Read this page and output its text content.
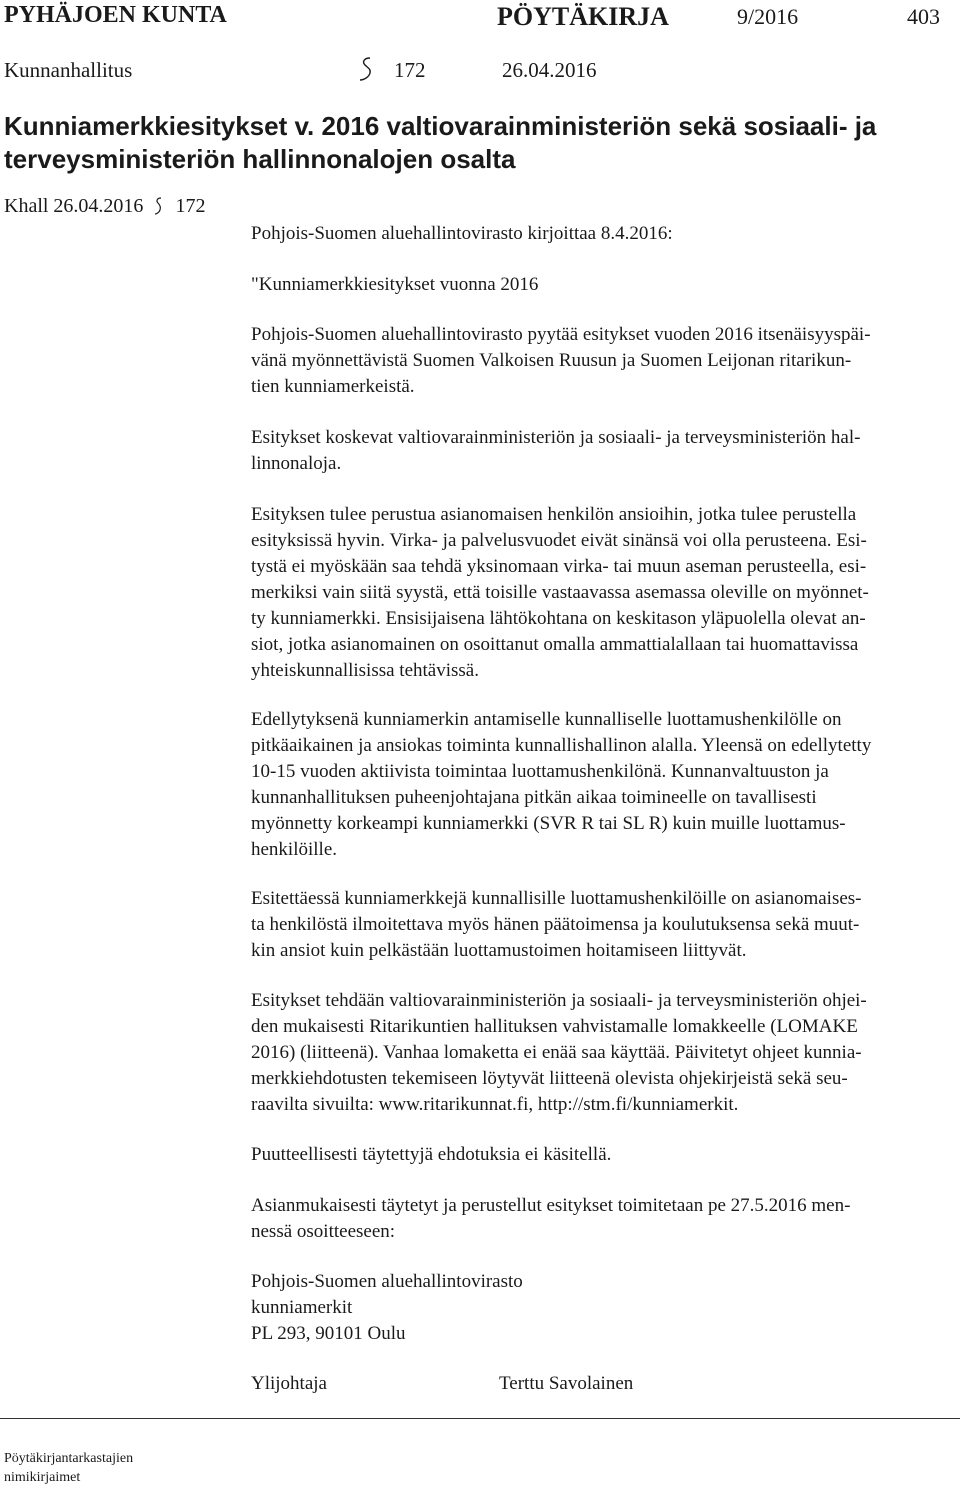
PYHÄJOEN KUNTA	PÖYTÄKIRJA	9/2016	403
Kunnanhallitus	172	26.04.2016
Kunniamerkkiesitykset v. 2016 valtiovarainministeriön sekä sosiaali- ja
terveysministeriön hallinnonalojen osalta
Khall 26.04.2016 172
Pohjois-Suomen aluehallintovirasto kirjoittaa 8.4.2016:
"Kunniamerkkiesitykset vuonna 2016
Pohjois-Suomen aluehallintovirasto pyytää esitykset vuoden 2016 itsenäisyyspäi-
vänä myönnettävistä Suomen Valkoisen Ruusun ja Suomen Leijonan ritarikun-
tien kunniamerkeistä.
Esitykset koskevat valtiovarainministeriön ja sosiaali- ja terveysministeriön hal-
linnonaloja.
Esityksen tulee perustua asianomaisen henkilön ansioihin, jotka tulee perustella
esityksissä hyvin. Virka- ja palvelusvuodet eivät sinänsä voi olla perusteena. Esi-
tystä ei myöskään saa tehdä yksinomaan virka- tai muun aseman perusteella, esi-
merkiksi vain siitä syystä, että toisille vastaavassa asemassa oleville on myönnet-
ty kunniamerkki. Ensisijaisena lähtökohtana on keskitason yläpuolella olevat an-
siot, jotka asianomainen on osoittanut omalla ammattialallaan tai huomattavissa
yhteiskunnallisissa tehtävissä.
Edellytyksenä kunniamerkin antamiselle kunnalliselle luottamushenkilölle on
pitkäaikainen ja ansiokas toiminta kunnallishallinon alalla. Yleensä on edellytetty
10-15 vuoden aktiivista toimintaa luottamushenkilönä. Kunnanvaltuuston ja
kunnanhallituksen puheenjohtajana pitkän aikaa toimineelle on tavallisesti
myönnetty korkeampi kunniamerkki (SVR R tai SL R) kuin muille luottamus-
henkilöille.
Esitettäessä kunniamerkkejä kunnallisille luottamushenkilöille on asianomaises-
ta henkilöstä ilmoitettava myös hänen päätoimensa ja koulutuksensa sekä muut-
kin ansiot kuin pelkästään luottamustoimen hoitamiseen liittyvät.
Esitykset tehdään valtiovarainministeriön ja sosiaali- ja terveysministeriön ohjei-
den mukaisesti Ritarikuntien hallituksen vahvistamalle lomakkeelle (LOMAKE
2016) (liitteenä). Vanhaa lomaketta ei enää saa käyttää. Päivitetyt ohjeet kunnia-
merkkiehdotusten tekemiseen löytyvät liitteenä olevista ohjekirjeistä sekä seu-
raavilta sivuilta: www.ritarikunnat.fi, http://stm.fi/kunniamerkit.
Puutteellisesti täytettyjä ehdotuksia ei käsitellä.
Asianmukaisesti täytetyt ja perustellut esitykset toimitetaan pe 27.5.2016 men-
nessä osoitteeseen:
Pohjois-Suomen aluehallintovirasto
kunniamerkit
PL 293, 90101 Oulu
Ylijohtaja	Terttu Savolainen
Pöytäkirjantarkastajien
nimikirjaimet
